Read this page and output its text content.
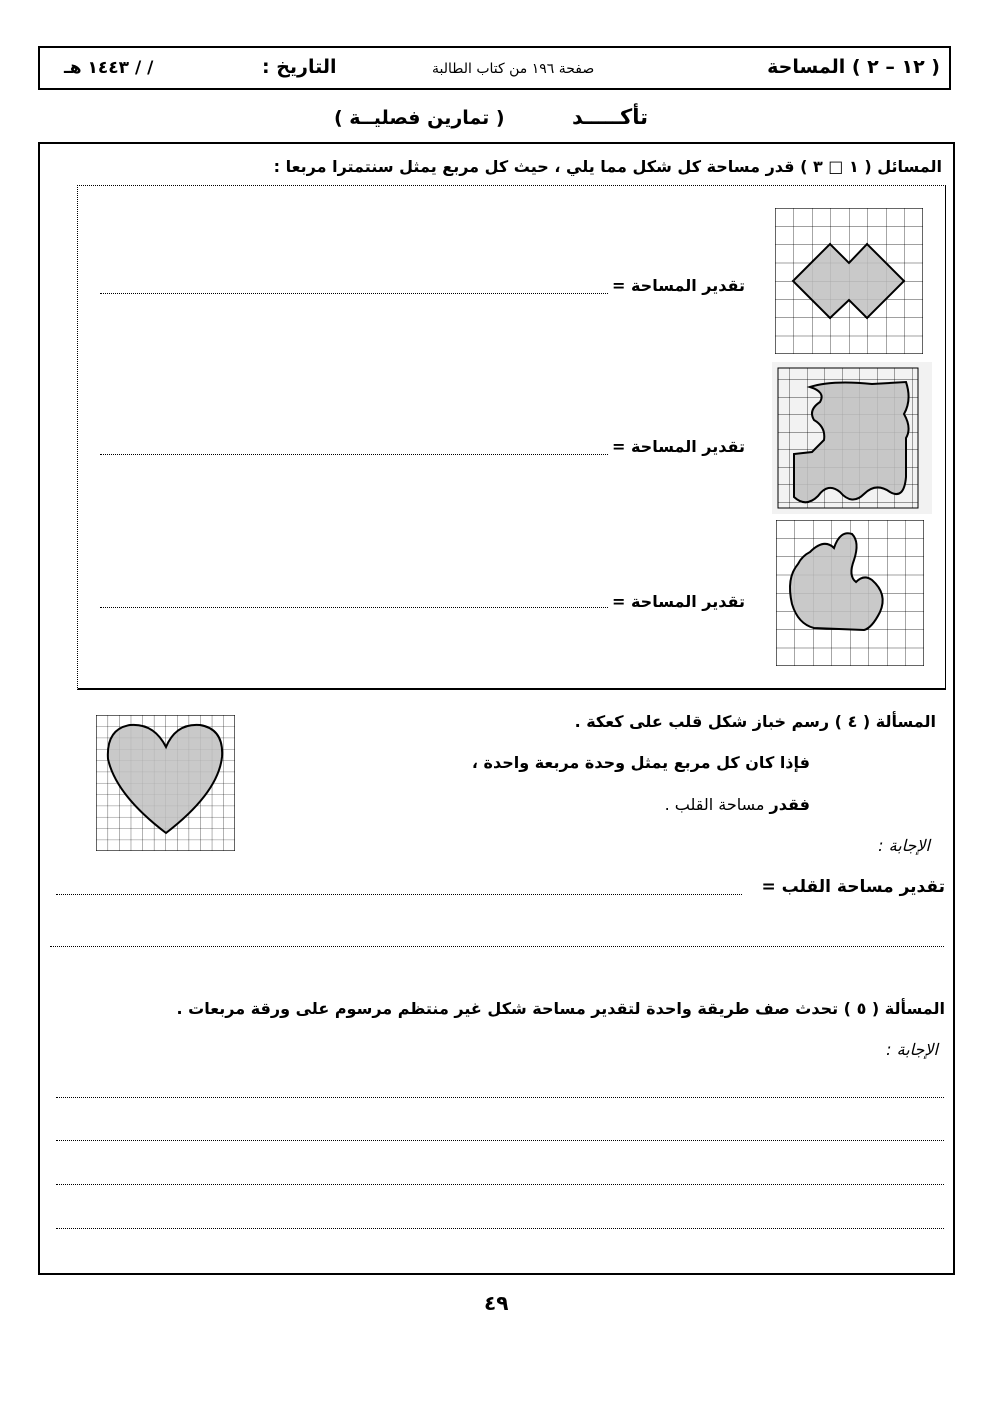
( ١٢ – ٢ ) المساحة
صفحة ١٩٦ من كتاب الطالبة
التاريخ :
/ / ١٤٤٣ هـ
تأكـــــد
( تمارين فصليــة )
المسائل ( ١ □ ٣ ) قدر مساحة كل شكل مما يلي ، حيث كل مربع يمثل سنتمترا مربعا :
تقدير المساحة =
تقدير المساحة =
تقدير المساحة =
المسألة ( ٤ ) رسم خباز شكل قلب على كعكة .
فإذا كان كل مربع يمثل وحدة مربعة واحدة ،
فقدر مساحة القلب .
الإجابة :
تقدير مساحة القلب =
المسألة ( ٥ ) تحدث صف طريقة واحدة لتقدير مساحة شكل غير منتظم مرسوم على ورقة مربعات .
الإجابة :
٤٩
